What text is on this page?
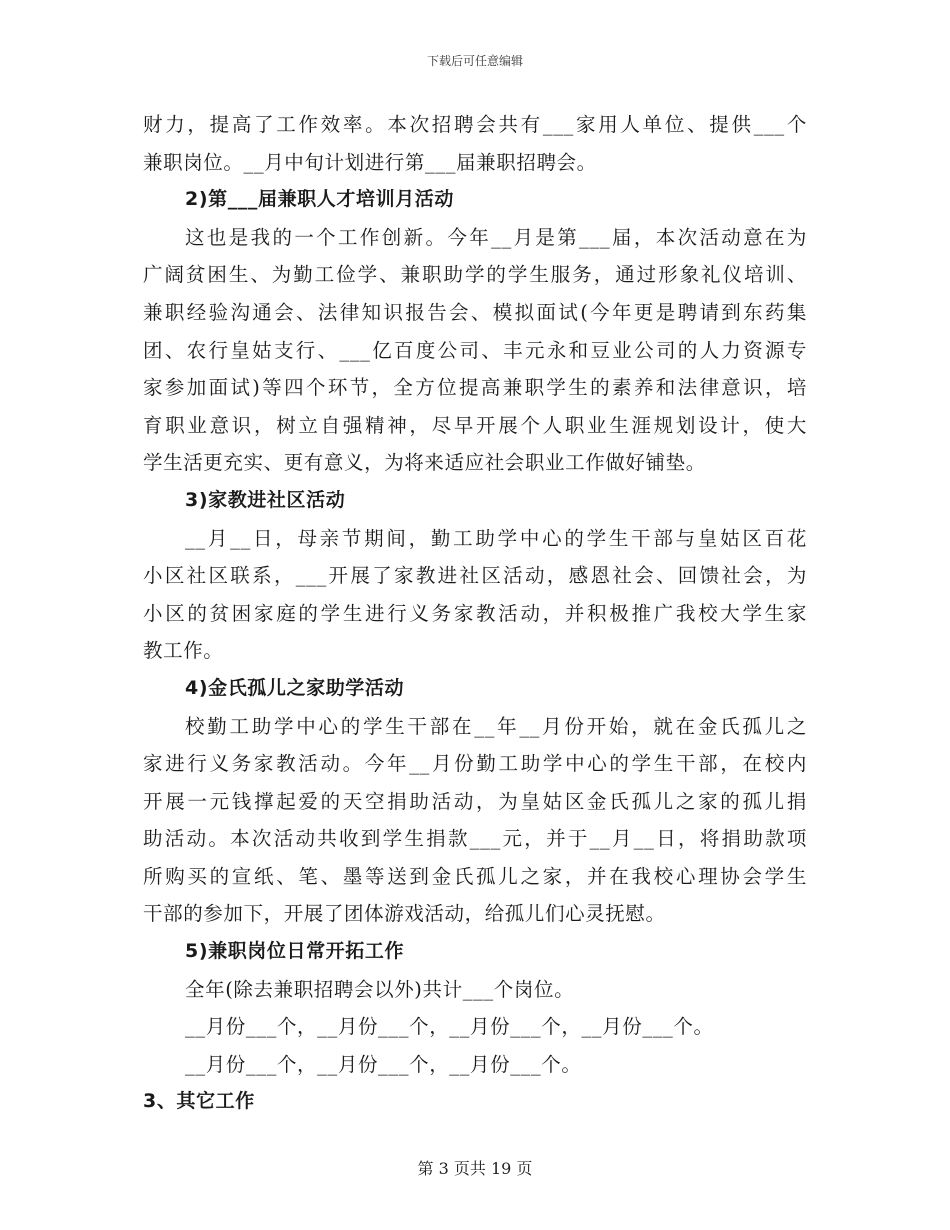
下载后可任意编辑
财力，提高了工作效率。本次招聘会共有___家用人单位、提供___个
兼职岗位。__月中旬计划进行第___届兼职招聘会。
2)第___届兼职人才培训月活动
这也是我的一个工作创新。今年__月是第___届，本次活动意在为
广阔贫困生、为勤工俭学、兼职助学的学生服务，通过形象礼仪培训、
兼职经验沟通会、法律知识报告会、模拟面试(今年更是聘请到东药集
团、农行皇姑支行、___亿百度公司、丰元永和豆业公司的人力资源专
家参加面试)等四个环节，全方位提高兼职学生的素养和法律意识，培
育职业意识，树立自强精神，尽早开展个人职业生涯规划设计，使大
学生活更充实、更有意义，为将来适应社会职业工作做好铺垫。
3)家教进社区活动
__月__日，母亲节期间，勤工助学中心的学生干部与皇姑区百花
小区社区联系，___开展了家教进社区活动，感恩社会、回馈社会，为
小区的贫困家庭的学生进行义务家教活动，并积极推广我校大学生家
教工作。
4)金氏孤儿之家助学活动
校勤工助学中心的学生干部在__年__月份开始，就在金氏孤儿之
家进行义务家教活动。今年__月份勤工助学中心的学生干部，在校内
开展一元钱撑起爱的天空捐助活动，为皇姑区金氏孤儿之家的孤儿捐
助活动。本次活动共收到学生捐款___元，并于__月__日，将捐助款项
所购买的宣纸、笔、墨等送到金氏孤儿之家，并在我校心理协会学生
干部的参加下，开展了团体游戏活动，给孤儿们心灵抚慰。
5)兼职岗位日常开拓工作
全年(除去兼职招聘会以外)共计___个岗位。
__月份___个，__月份___个，__月份___个，__月份___个。
__月份___个，__月份___个，__月份___个。
3、其它工作
第 3 页共 19 页
